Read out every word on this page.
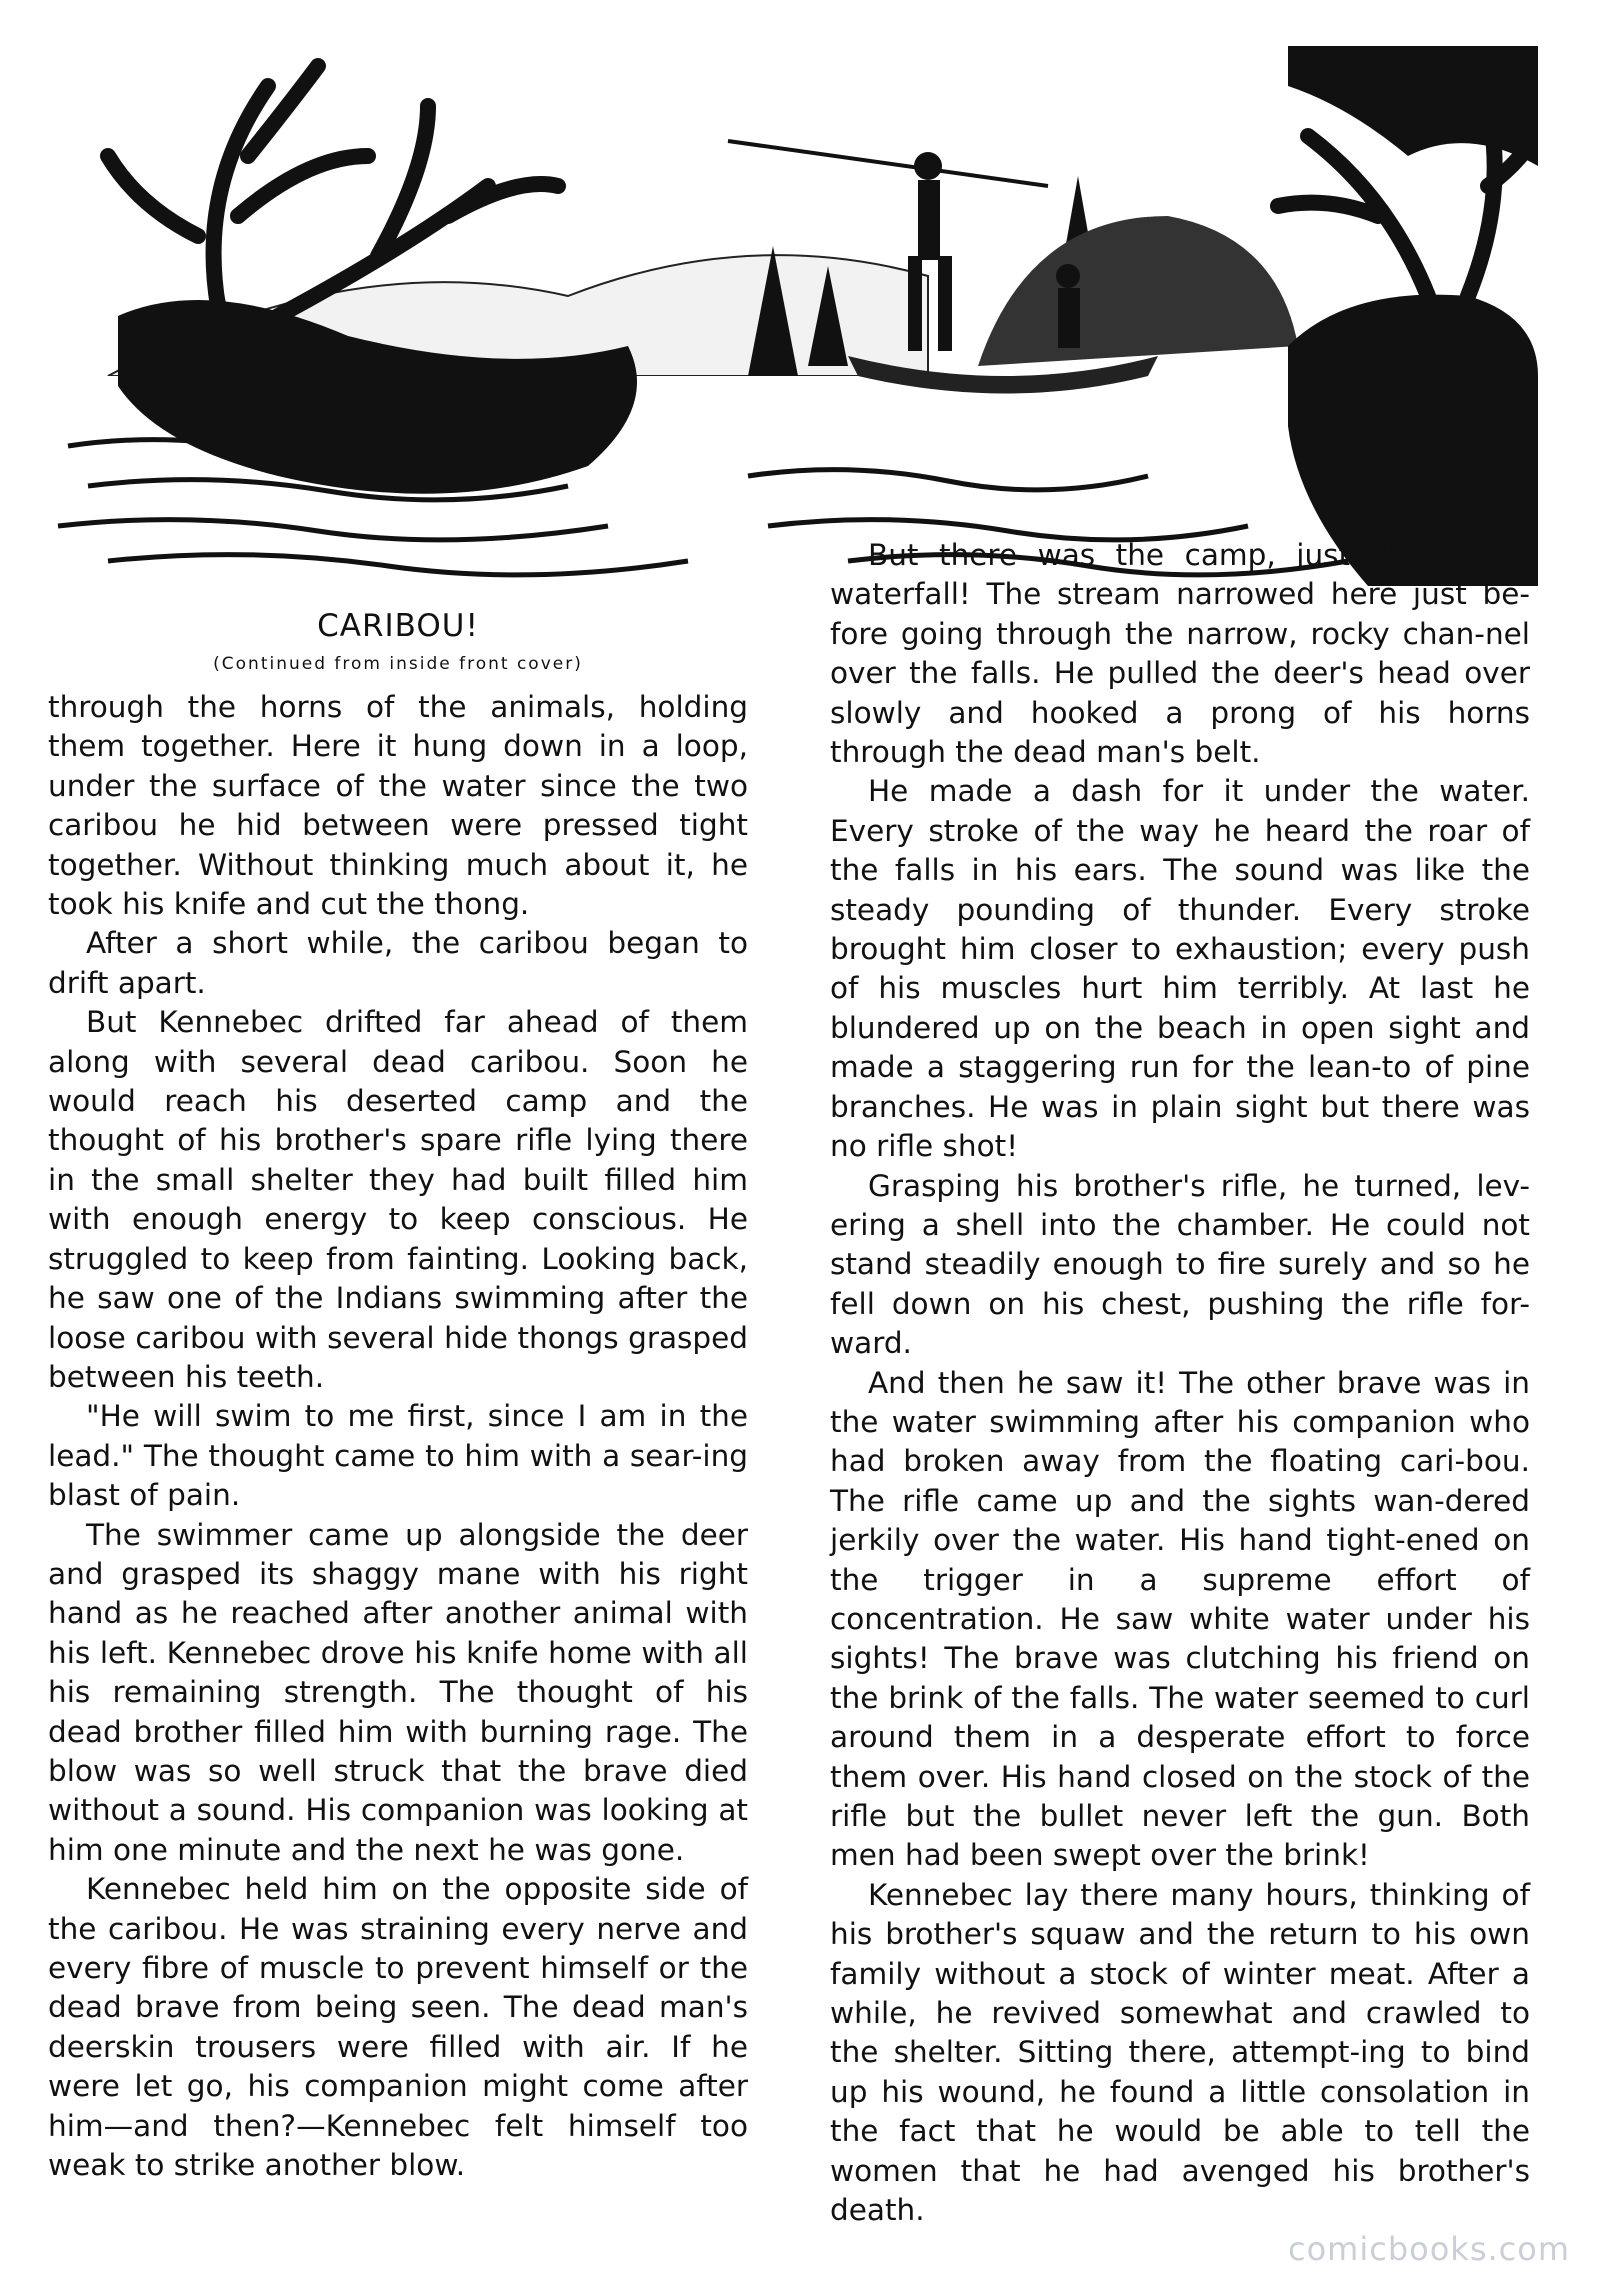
CARIBOU!
(Continued from inside front cover)

through the horns of the animals, holding them together. Here it hung down in a loop, under the surface of the water since the two caribou he hid between were pressed tight together. Without thinking much about it, he took his knife and cut the thong.

After a short while, the caribou began to drift apart.

But Kennebec drifted far ahead of them along with several dead caribou. Soon he would reach his deserted camp and the thought of his brother's spare rifle lying there in the small shelter they had built filled him with enough energy to keep conscious. He struggled to keep from fainting. Looking back, he saw one of the Indians swimming after the loose caribou with several hide thongs grasped between his teeth.

"He will swim to me first, since I am in the lead." The thought came to him with a sear-ing blast of pain.

The swimmer came up alongside the deer and grasped its shaggy mane with his right hand as he reached after another animal with his left. Kennebec drove his knife home with all his remaining strength. The thought of his dead brother filled him with burning rage. The blow was so well struck that the brave died without a sound. His companion was looking at him one minute and the next he was gone.

Kennebec held him on the opposite side of the caribou. He was straining every nerve and every fibre of muscle to prevent himself or the dead brave from being seen. The dead man's deerskin trousers were filled with air. If he were let go, his companion might come after him—and then?—Kennebec felt himself too weak to strike another blow.

But there was the camp, just above the waterfall! The stream narrowed here just be-fore going through the narrow, rocky chan-nel over the falls. He pulled the deer's head over slowly and hooked a prong of his horns through the dead man's belt.

He made a dash for it under the water. Every stroke of the way he heard the roar of the falls in his ears. The sound was like the steady pounding of thunder. Every stroke brought him closer to exhaustion; every push of his muscles hurt him terribly. At last he blundered up on the beach in open sight and made a staggering run for the lean-to of pine branches. He was in plain sight but there was no rifle shot!

Grasping his brother's rifle, he turned, lev-ering a shell into the chamber. He could not stand steadily enough to fire surely and so he fell down on his chest, pushing the rifle for-ward.

And then he saw it! The other brave was in the water swimming after his companion who had broken away from the floating cari-bou. The rifle came up and the sights wan-dered jerkily over the water. His hand tight-ened on the trigger in a supreme effort of concentration. He saw white water under his sights! The brave was clutching his friend on the brink of the falls. The water seemed to curl around them in a desperate effort to force them over. His hand closed on the stock of the rifle but the bullet never left the gun. Both men had been swept over the brink!

Kennebec lay there many hours, thinking of his brother's squaw and the return to his own family without a stock of winter meat. After a while, he revived somewhat and crawled to the shelter. Sitting there, attempt-ing to bind up his wound, he found a little consolation in the fact that he would be able to tell the women that he had avenged his brother's death.

comicbooks.com
